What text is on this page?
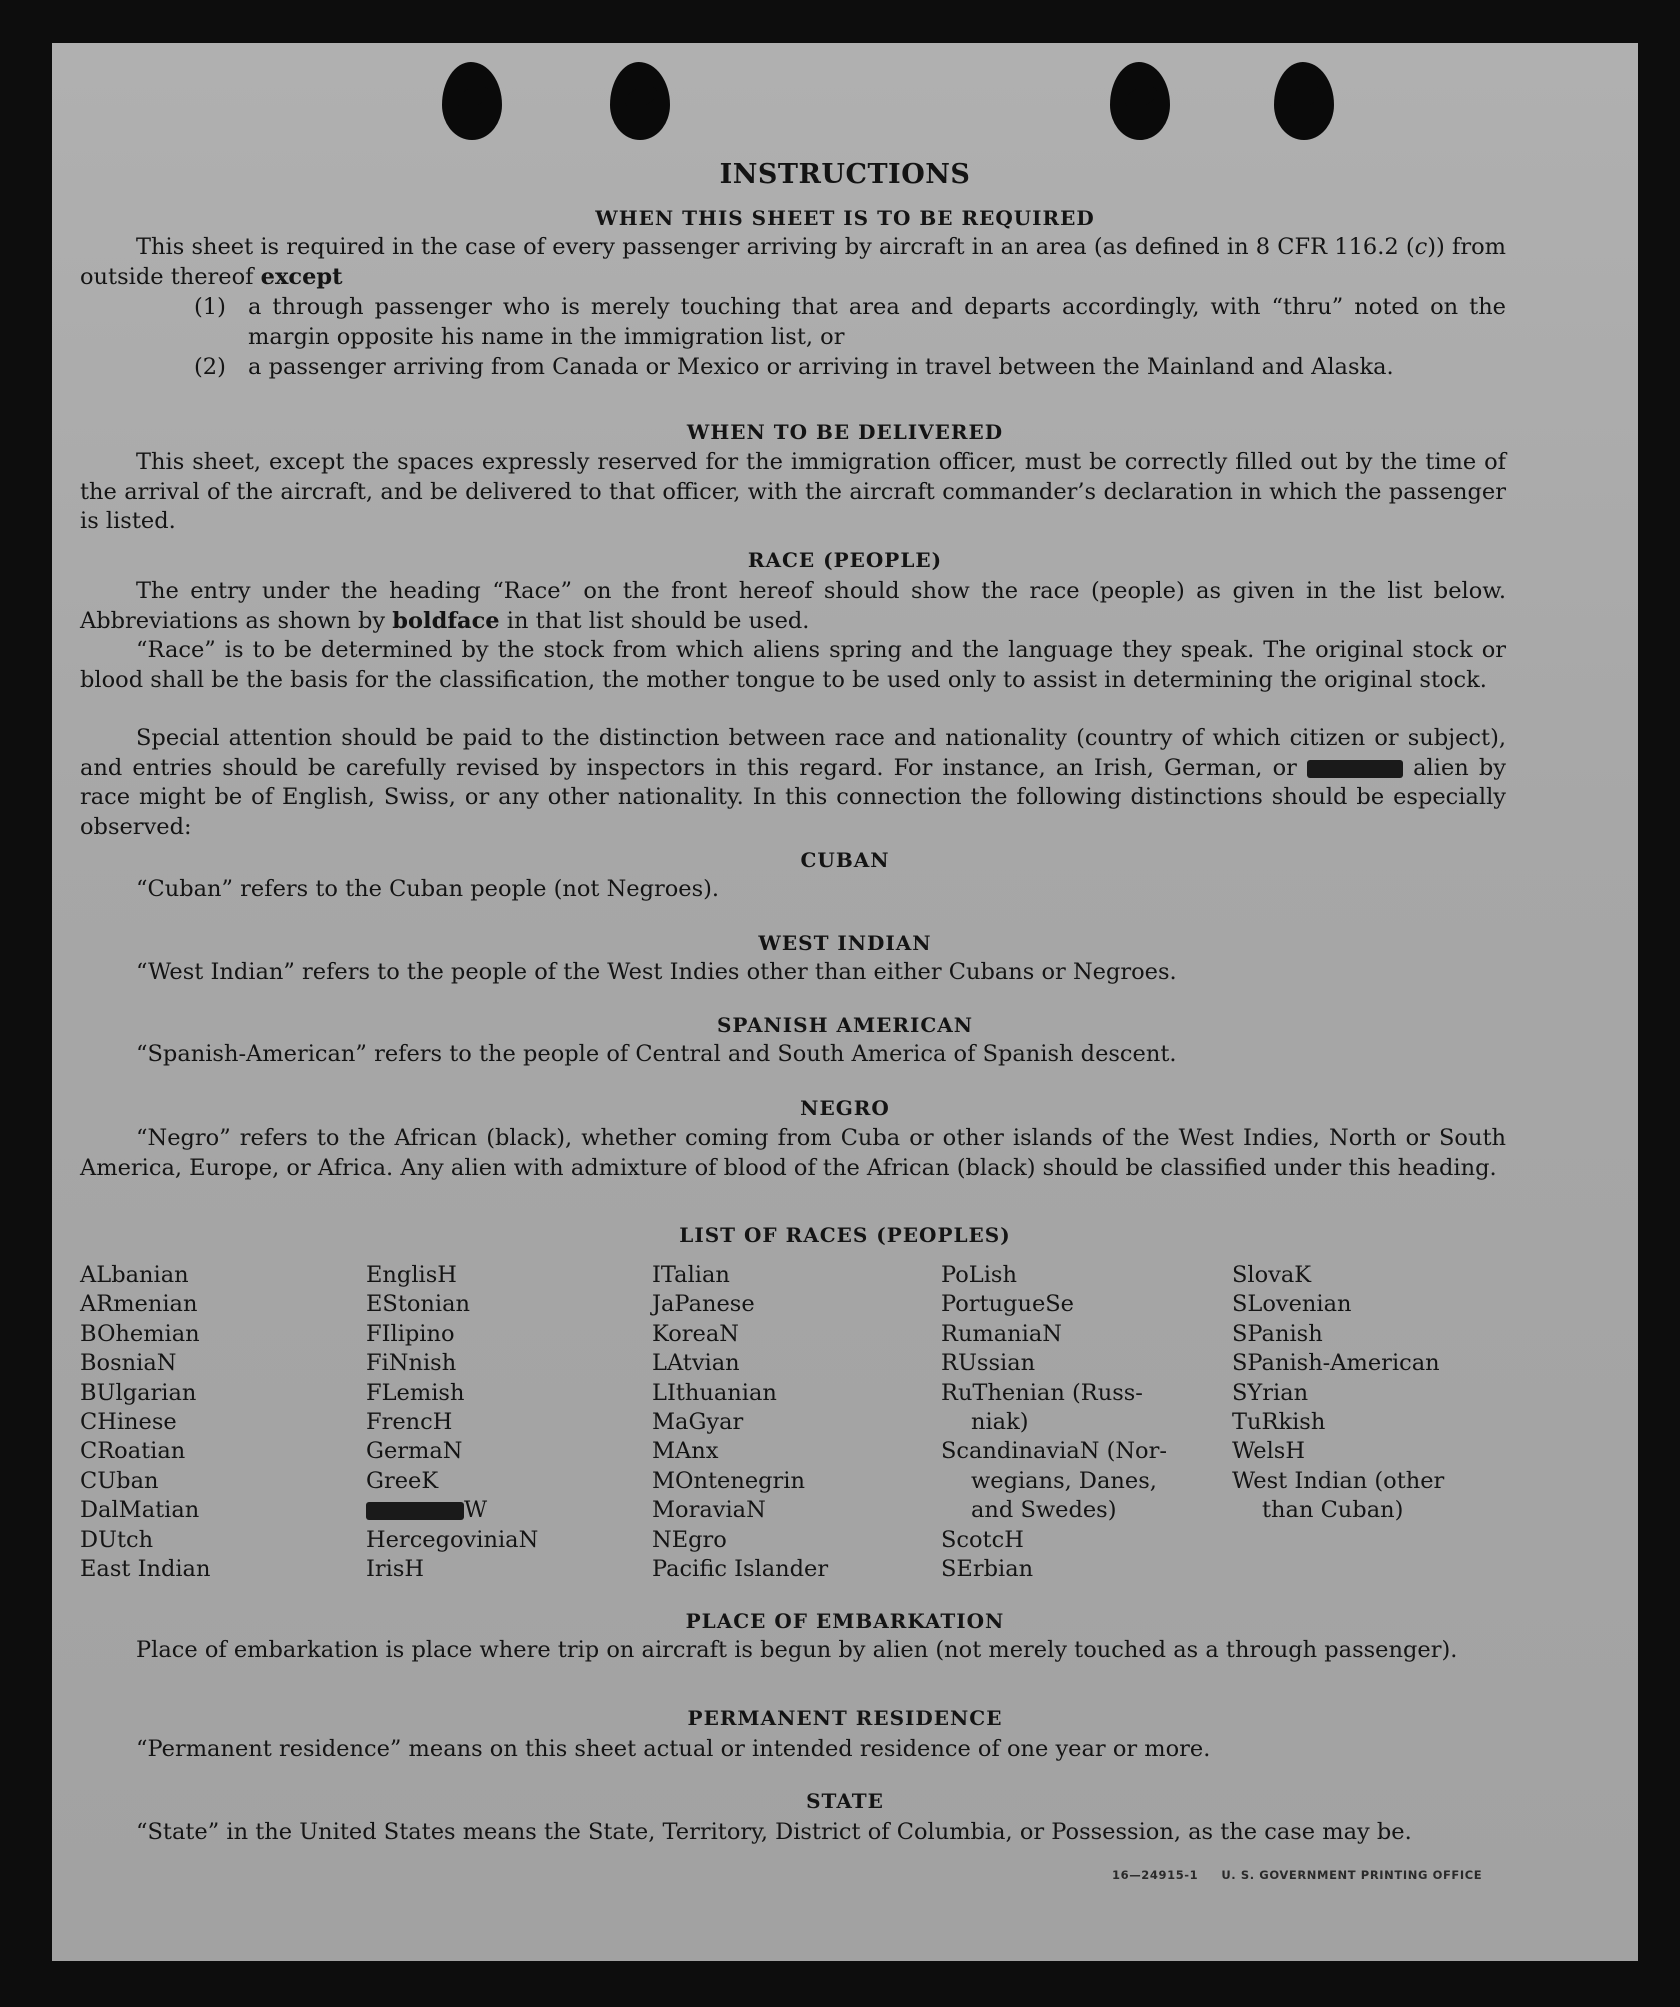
INSTRUCTIONS
WHEN THIS SHEET IS TO BE REQUIRED
This sheet is required in the case of every passenger arriving by aircraft in an area (as defined in 8 CFR 116.2 (c)) from outside thereof except
(1) a through passenger who is merely touching that area and departs accordingly, with “thru” noted on the margin opposite his name in the immigration list, or
(2) a passenger arriving from Canada or Mexico or arriving in travel between the Mainland and Alaska.
WHEN TO BE DELIVERED
This sheet, except the spaces expressly reserved for the immigration officer, must be correctly filled out by the time of the arrival of the aircraft, and be delivered to that officer, with the aircraft commander’s declaration in which the passenger is listed.
RACE (PEOPLE)
The entry under the heading “Race” on the front hereof should show the race (people) as given in the list below. Abbreviations as shown by boldface in that list should be used.
“Race” is to be determined by the stock from which aliens spring and the language they speak. The original stock or blood shall be the basis for the classification, the mother tongue to be used only to assist in determining the original stock.
Special attention should be paid to the distinction between race and nationality (country of which citizen or subject), and entries should be carefully revised by inspectors in this regard. For instance, an Irish, German, or	alien by race might be of English, Swiss, or any other nationality. In this connection the following distinctions should be especially observed:
CUBAN
“Cuban” refers to the Cuban people (not Negroes).
WEST INDIAN
“West Indian” refers to the people of the West Indies other than either Cubans or Negroes.
SPANISH AMERICAN
“Spanish-American” refers to the people of Central and South America of Spanish descent.
NEGRO
“Negro” refers to the African (black), whether coming from Cuba or other islands of the West Indies, North or South America, Europe, or Africa. Any alien with admixture of blood of the African (black) should be classified under this heading.
LIST OF RACES (PEOPLES)
ALbanian
ARmenian
BOhemian
BosniaN
BUlgarian
CHinese
CRoatian
CUban
DalMatian
DUtch
East Indian
EnglisH
EStonian
FIlipino
FiNnish
FLemish
FrencH
GermaN
GreeK
W
HercegoviniaN
IrisH
ITalian
JaPanese
KoreaN
LAtvian
LIthuanian
MaGyar
MAnx
MOntenegrin
MoraviaN
NEgro
Pacific Islander
PoLish
PortugueSe
RumaniaN
RUssian
RuThenian (Russ-
niak)
ScandinaviaN (Nor-
wegians, Danes,
and Swedes)
ScotcH
SErbian
SlovaK
SLovenian
SPanish
SPanish-American
SYrian
TuRkish
WelsH
West Indian (other
than Cuban)
PLACE OF EMBARKATION
Place of embarkation is place where trip on aircraft is begun by alien (not merely touched as a through passenger).
PERMANENT RESIDENCE
“Permanent residence” means on this sheet actual or intended residence of one year or more.
STATE
“State” in the United States means the State, Territory, District of Columbia, or Possession, as the case may be.
16—24915-1 U. S. GOVERNMENT PRINTING OFFICE
